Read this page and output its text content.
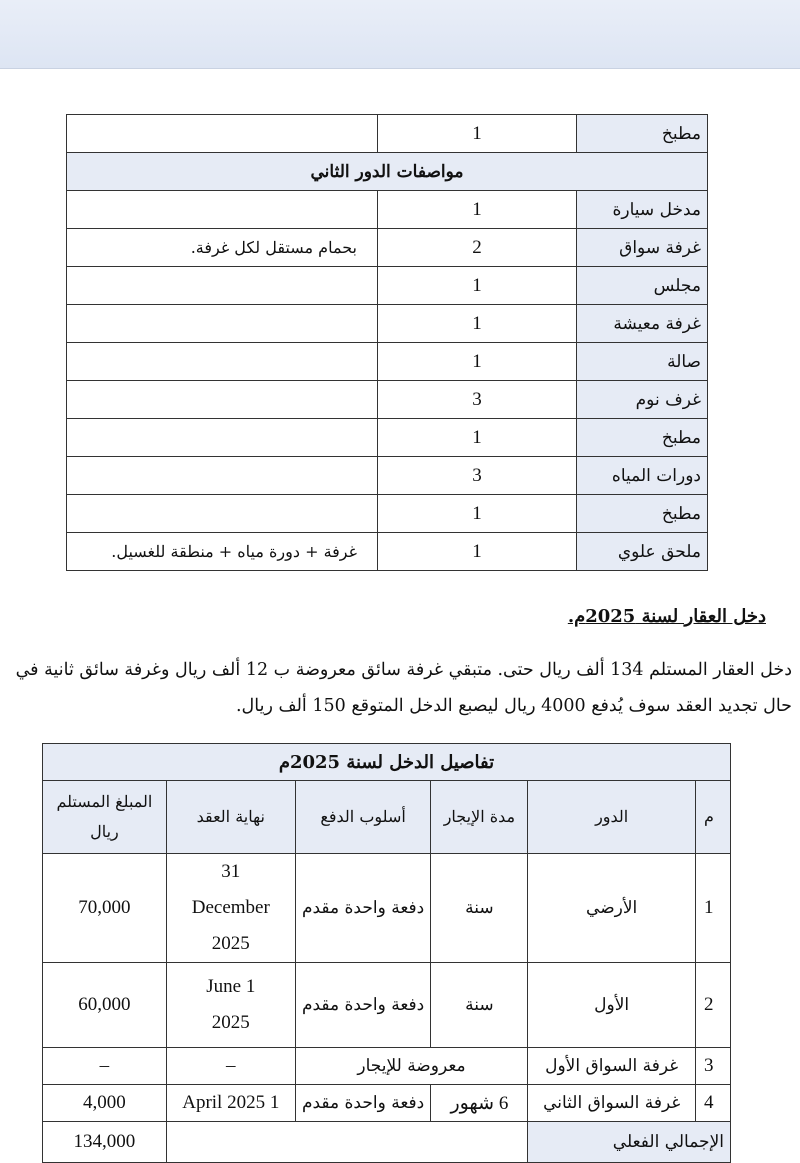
	1	مطبخ
مواصفات الدور الثاني		
	1	مدخل سيارة
بحمام مستقل لكل غرفة.	2	غرفة سواق
	1	مجلس
	1	غرفة معيشة
	1	صالة
	3	غرف نوم
	1	مطبخ
	3	دورات المياه
	1	مطبخ
غرفة + دورة مياه + منطقة للغسيل.	1	ملحق علوي
دخل العقار لسنة 2025م.
دخل العقار المستلم 134 ألف ريال حتى. متبقي غرفة سائق معروضة ب 12 ألف ريال وغرفة سائق ثانية في حال تجديد العقد سوف يُدفع 4000 ريال ليصبع الدخل المتوقع 150 ألف ريال.
تفاصيل الدخل لسنة 2025م					

المبلغ المستلم
ريال	نهاية العقد	أسلوب الدفع	مدة الإيجار	الدور	م
70,000	31
December
2025	دفعة واحدة مقدم	سنة	الأرضي	1
60,000	1 June
2025	دفعة واحدة مقدم	سنة	الأول	2
–	–	معروضة للإيجار		غرفة السواق الأول	3
4,000	1 April 2025	دفعة واحدة مقدم	6 شهور	غرفة السواق الثاني	4
134,000				الإجمالي الفعلي	
